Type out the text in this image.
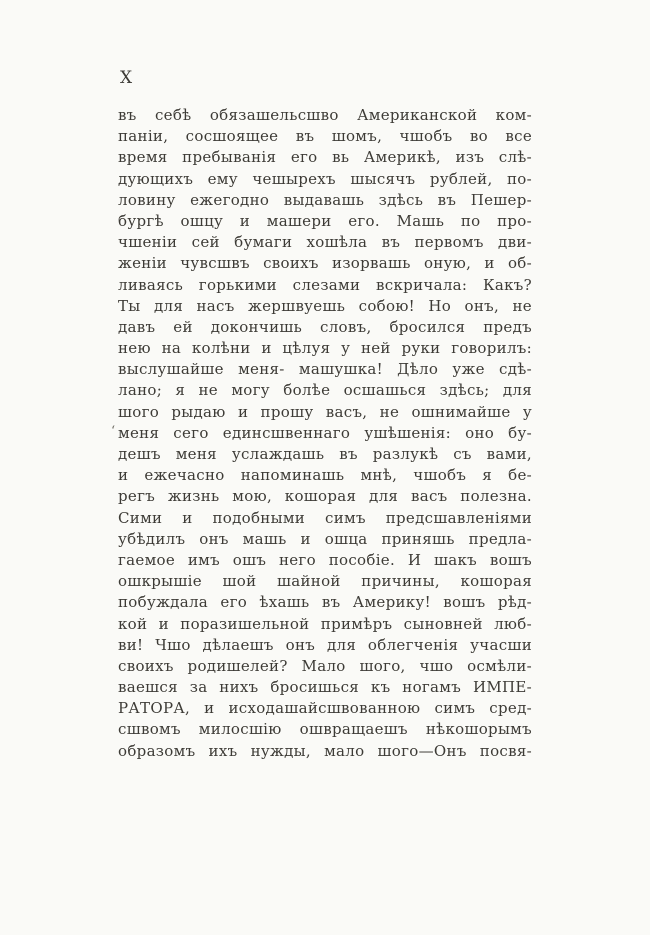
X
‘
въ себѣ обязашельсшво Американской ком-
паніи, сосшоящее въ шомъ, чшобъ во все
время пребыванія его вь Америкѣ, изъ слѣ-
дующихъ ему чешырехъ шысячъ рублей, по-
ловину ежегодно выдавашь здѣсь въ Пешер-
бургѣ ошцу и машери его. Машь по про-
чшеніи сей бумаги хошѣла въ первомъ дви-
женіи чувсшвъ своихъ изорвашь оную, и об-
ливаясь горькими слезами вскричала: Какъ?
Ты для насъ жершвуешь собою! Но онъ, не
давъ ей докончишь словъ, бросился предъ
нею на колѣни и цѣлуя у ней руки говорилъ:
выслушайше меня- машушка! Дѣло уже сдѣ-
лано; я не могу болѣе осшашься здѣсь; для
шого рыдаю и прошу васъ, не ошнимайше у
меня сего единсшвеннаго ушѣшенія: оно бу-
дешъ меня услаждашь въ разлукѣ съ вами,
и ежечасно напоминашь мнѣ, чшобъ я бе-
регъ жизнь мою, кошорая для васъ полезна.
Сими и подобными симъ предсшавленіями
убѣдилъ онъ машь и ошца приняшь предла-
гаемое имъ ошъ него пособіе. И шакъ вошъ
ошкрышіе шой шайной причины, кошорая
побуждала его ѣхашь въ Америку! вошъ рѣд-
кой и поразишельной примѣръ сыновней люб-
ви! Чшо дѣлаешъ онъ для облегченія учасши
своихъ родишелей? Мало шого, чшо осмѣли-
ваешся за нихъ бросишься къ ногамъ ИМПЕ-
РАТОРА, и исходашайсшвованною симъ сред-
сшвомъ милосшію ошвращаешъ нѣкошорымъ
образомъ ихъ нужды, мало шого—Онъ посвя-
